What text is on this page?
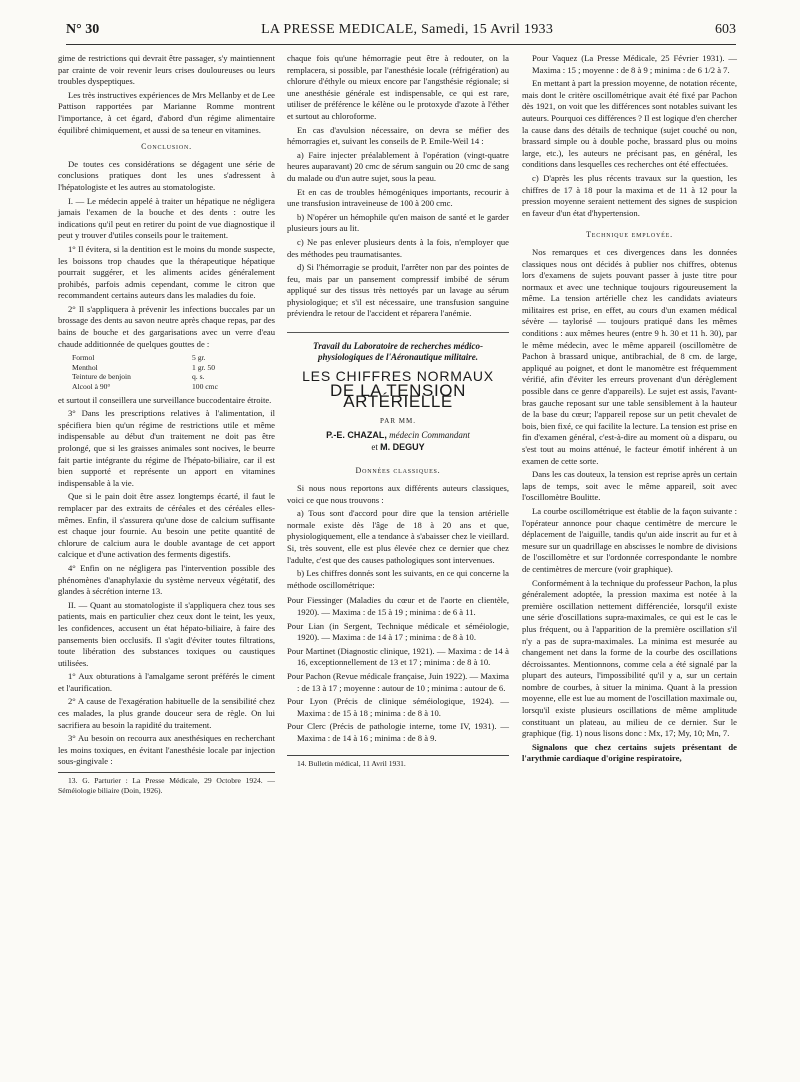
N° 30	LA PRESSE MEDICALE, Samedi, 15 Avril 1933	603

gime de restrictions qui devrait être passager, s'y maintiennent par crainte de voir revenir leurs crises douloureuses ou leurs troubles dyspeptiques.

Les très instructives expériences de Mrs Mellanby et de Lee Pattison rapportées par Marianne Romme montrent l'importance, à cet égard, d'abord d'un régime alimentaire équilibré chimiquement, et aussi de sa teneur en vitamines.

Conclusion.

De toutes ces considérations se dégagent une série de conclusions pratiques dont les unes s'adressent à l'hépatologiste et les autres au stomatologiste.

I. — Le médecin appelé à traiter un hépatique ne négligera jamais l'examen de la bouche et des dents : outre les indications qu'il peut en retirer du point de vue diagnostique il peut y trouver d'utiles conseils pour le traitement.

1° Il évitera, si la dentition est le moins du monde suspecte, les boissons trop chaudes que la thérapeutique hépatique pourrait suggérer, et les aliments acides généralement prohibés, parfois admis cependant, comme le citron que recommandent certains auteurs dans les maladies du foie.

2° Il s'appliquera à prévenir les infections buccales par un brossage des dents au savon neutre après chaque repas, par des bains de bouche et des gargarisations avec un verre d'eau chaude additionnée de quelques gouttes de :

Formol	5 gr.
Menthol	1 gr. 50
Teinture de benjoin	q. s.
Alcool à 90°	100 cmc

et surtout il conseillera une surveillance buccodentaire étroite.

3° Dans les prescriptions relatives à l'alimentation, il spécifiera bien qu'un régime de restrictions utile et même indispensable au début d'un traitement ne doit pas être prolongé, que si les graisses animales sont nocives, le beurre fait partie intégrante du régime de l'hépato-biliaire, car il est bien supporté et représente un apport en vitamines indispensable à la vie.

Que si le pain doit être assez longtemps écarté, il faut le remplacer par des extraits de céréales et des céréales elles-mêmes. Enfin, il s'assurera qu'une dose de calcium suffisante est chaque jour fournie. Au besoin une petite quantité de chlorure de calcium aura le double avantage de cet apport calcique et d'une activation des ferments digestifs.

4° Enfin on ne négligera pas l'intervention possible des phénomènes d'anaphylaxie du système nerveux végétatif, des glandes à sécrétion interne 13.

II. — Quant au stomatologiste il s'appliquera chez tous ses patients, mais en particulier chez ceux dont le teint, les yeux, les confidences, accusent un état hépato-biliaire, à faire des pansements bien occlusifs. Il s'agit d'éviter toutes filtrations, toute libération des substances toxiques ou caustiques utilisées.

1° Aux obturations à l'amalgame seront préférés le ciment et l'aurification.

2° A cause de l'exagération habituelle de la sensibilité chez ces malades, la plus grande douceur sera de règle. On lui sacrifiera au besoin la rapidité du traitement.

3° Au besoin on recourra aux anesthésiques en recherchant les moins toxiques, en évitant l'anesthésie locale par injection sous-gingivale :

13. G. Parturier : La Presse Médicale, 29 Octobre 1924. — Séméiologie biliaire (Doin, 1926).

chaque fois qu'une hémorragie peut être à redouter, on la remplacera, si possible, par l'anesthésie locale (réfrigération) au chlorure d'éthyle ou mieux encore par l'angsthésie régionale; si une anesthésie générale est indispensable, ce qui est rare, utiliser de préférence le kélène ou le protoxyde d'azote à l'éther et surtout au chloroforme.

En cas d'avulsion nécessaire, on devra se méfier des hémorragies et, suivant les conseils de P. Emile-Weil 14 :

a) Faire injecter préalablement à l'opération (vingt-quatre heures auparavant) 20 cmc de sérum sanguin ou 20 cmc de sang du malade ou d'un autre sujet, sous la peau.

Et en cas de troubles hémogéniques importants, recourir à une transfusion intraveineuse de 100 à 200 cmc.

b) N'opérer un hémophile qu'en maison de santé et le garder plusieurs jours au lit.

c) Ne pas enlever plusieurs dents à la fois, n'employer que des méthodes peu traumatisantes.

d) Si l'hémorragie se produit, l'arrêter non par des pointes de feu, mais par un pansement compressif imbibé de sérum appliqué sur des tissus très nettoyés par un lavage au sérum physiologique; et s'il est nécessaire, une transfusion sanguine préviendra le retour de l'accident et réparera l'anémie.

Travail du Laboratoire de recherches médico-physiologiques de l'Aéronautique militaire.
LES CHIFFRES NORMAUX
DE LA TENSION ARTÉRIELLE
PAR MM.
P.-E. CHAZAL, médecin Commandant
et M. DEGUY
Données classiques.

Si nous nous reportons aux différents auteurs classiques, voici ce que nous trouvons :

a) Tous sont d'accord pour dire que la tension artérielle normale existe dès l'âge de 18 à 20 ans et que, physiologiquement, elle a tendance à s'abaisser chez le vieillard. Si, très souvent, elle est plus élevée chez ce dernier que chez l'adulte, c'est que des causes pathologiques sont intervenues.

b) Les chiffres donnés sont les suivants, en ce qui concerne la méthode oscillométrique:

Pour Fiessinger (Maladies du cœur et de l'aorte en clientèle, 1920). — Maxima : de 15 à 19 ; minima : de 6 à 11.
Pour Lian (in Sergent, Technique médicale et séméiologie, 1920). — Maxima : de 14 à 17 ; minima : de 8 à 10.
Pour Martinet (Diagnostic clinique, 1921). — Maxima : de 14 à 16, exceptionnellement de 13 et 17 ; minima : de 8 à 10.
Pour Pachon (Revue médicale française, Juin 1922). — Maxima : de 13 à 17 ; moyenne : autour de 10 ; minima : autour de 6.
Pour Lyon (Précis de clinique séméiologique, 1924). — Maxima : de 15 à 18 ; minima : de 8 à 10.
Pour Clerc (Précis de pathologie interne, tome IV, 1931). — Maxima : de 14 à 16 ; minima : de 8 à 9.
14. Bulletin médical, 11 Avril 1931.

Pour Vaquez (La Presse Médicale, 25 Février 1931). — Maxima : 15 ; moyenne : de 8 à 9 ; minima : de 6 1/2 à 7.

En mettant à part la pression moyenne, de notation récente, mais dont le critère oscillométrique avait été fixé par Pachon dès 1921, on voit que les différences sont notables suivant les auteurs. Pourquoi ces différences ? Il est logique d'en chercher la cause dans des détails de technique (sujet couché ou non, brassard simple ou à double poche, brassard plus ou moins large, etc.), les auteurs ne précisant pas, en général, les conditions dans lesquelles ces recherches ont été effectuées.

c) D'après les plus récents travaux sur la question, les chiffres de 17 à 18 pour la maxima et de 11 à 12 pour la pression moyenne seraient nettement des signes de suspicion en faveur d'un état d'hypertension.

Technique employée.

Nos remarques et ces divergences dans les données classiques nous ont décidés à publier nos chiffres, obtenus lors d'examens de sujets pouvant passer à juste titre pour normaux et avec une technique toujours rigoureusement la même. La tension artérielle chez les candidats aviateurs militaires est prise, en effet, au cours d'un examen médical sévère — taylorisé — toujours pratiqué dans les mêmes conditions : aux mêmes heures (entre 9 h. 30 et 11 h. 30), par le même médecin, avec le même appareil (oscillomètre de Pachon à brassard unique, antibrachial, de 8 cm. de large, appliqué au poignet, et dont le manomètre est fréquemment vérifié, afin d'éviter les erreurs provenant d'un dérèglement possible dans ce genre d'appareils). Le sujet est assis, l'avant-bras gauche reposant sur une table sensiblement à la hauteur de la base du cœur; l'appareil repose sur un petit chevalet de bois, bien fixé, ce qui facilite la lecture. La tension est prise en fin d'examen général, c'est-à-dire au moment où a disparu, ou s'est tout au moins atténué, le facteur émotif inhérent à un examen de cette sorte.

Dans les cas douteux, la tension est reprise après un certain laps de temps, soit avec le même appareil, soit avec l'oscillomètre Boulitte.

La courbe oscillométrique est établie de la façon suivante : l'opérateur annonce pour chaque centimètre de mercure le déplacement de l'aiguille, tandis qu'un aide inscrit au fur et à mesure sur un quadrillage en abscisses le nombre de divisions de l'oscillomètre et sur l'ordonnée correspondante le nombre de centimètres de mercure (voir graphique).

Conformément à la technique du professeur Pachon, la plus généralement adoptée, la pression maxima est notée à la première oscillation nettement différenciée, lorsqu'il existe une série d'oscillations supra-maximales, ce qui est le cas le plus fréquent, ou à l'apparition de la première oscillation s'il n'y a pas de supra-maximales. La minima est mesurée au changement net dans la forme de la courbe des oscillations décroissantes. Mentionnons, comme cela a été signalé par la plupart des auteurs, l'impossibilité qu'il y a, sur un certain nombre de courbes, à situer la minima. Quant à la pression moyenne, elle est lue au moment de l'oscillation maximale ou, lorsqu'il existe plusieurs oscillations de même amplitude constituant un plateau, au milieu de ce dernier. Sur le graphique (fig. 1) nous lisons donc : Mx, 17; My, 10; Mn, 7.

Signalons que chez certains sujets présentant de l'arythmie cardiaque d'origine respiratoire,
